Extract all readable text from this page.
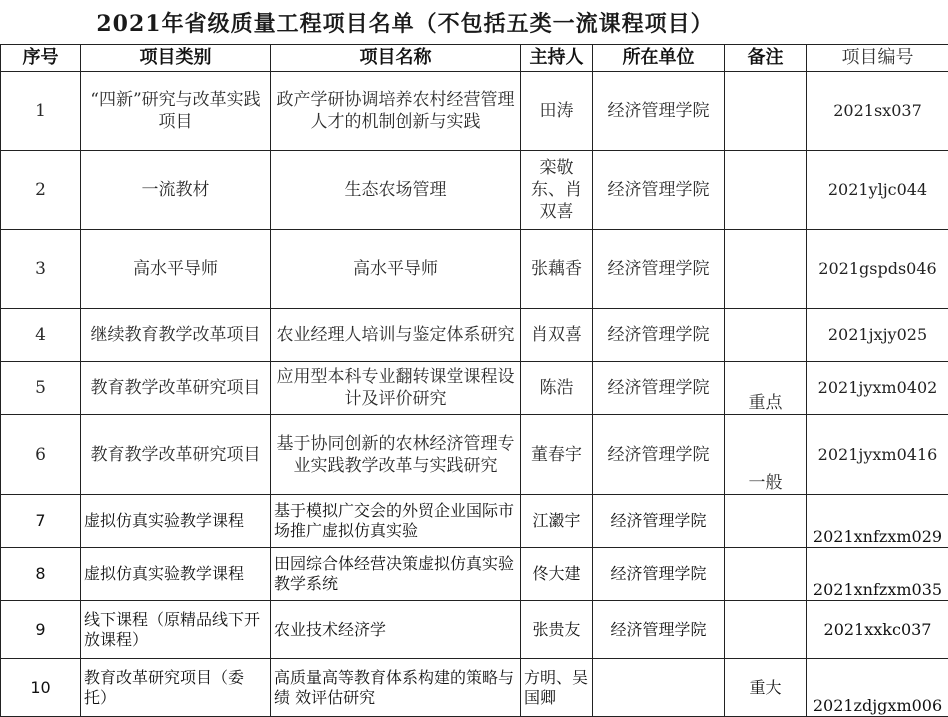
2021年省级质量工程项目名单（不包括五类一流课程项目）
序号	项目类别	项目名称	主持人	所在单位	备注	项目编号
1	“四新”研究与改革实践项目	政产学研协调培养农村经营管理人才的机制创新与实践	田涛	经济管理学院		2021sx037
2	一流教材	生态农场管理	栾敬东、肖双喜	经济管理学院		2021yljc044
3	高水平导师	高水平导师	张藕香	经济管理学院		2021gspds046
4	继续教育教学改革项目	农业经理人培训与鉴定体系研究	肖双喜	经济管理学院		2021jxjy025
5	教育教学改革研究项目	应用型本科专业翻转课堂课程设计及评价研究	陈浩	经济管理学院	重点	2021jyxm0402
6	教育教学改革研究项目	基于协同创新的农林经济管理专业实践教学改革与实践研究	董春宇	经济管理学院	一般	2021jyxm0416
7	虚拟仿真实验教学课程	基于模拟广交会的外贸企业国际市场推广虚拟仿真实验	江瀫宇	经济管理学院		2021xnfzxm029
8	虚拟仿真实验教学课程	田园综合体经营决策虚拟仿真实验教学系统	佟大建	经济管理学院		2021xnfzxm035
9	线下课程（原精品线下开放课程）	农业技术经济学	张贵友	经济管理学院		2021xxkc037
10	教育改革研究项目（委托）	高质量高等教育体系构建的策略与绩 效评估研究	方明、吴国卿		重大	2021zdjgxm006
